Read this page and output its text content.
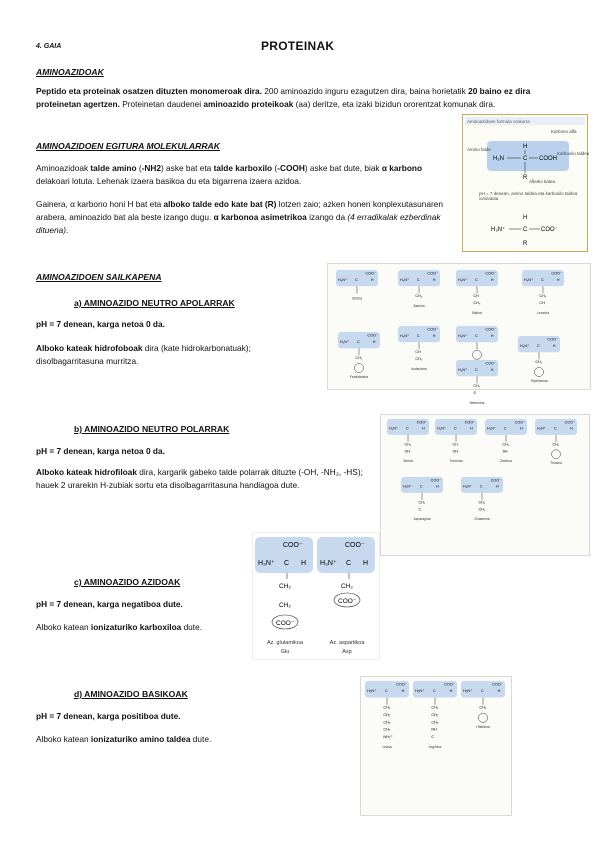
4. GAIA	PROTEINAK
AMINOAZIDOAK
Peptido eta proteinak osatzen dituzten monomeroak dira. 200 aminoazido inguru ezagutzen dira, baina horietatik 20 baino ez dira proteinetan agertzen. Proteinetan daudenei aminoazido proteikoak (aa) deritze, eta izaki bizidun ororentzat komunak dira.
AMINOAZIDOEN EGITURA MOLEKULARRAK
Aminoazidoak talde amino (-NH2) aske bat eta talde karboxilo (-COOH) aske bat dute, biak α karbono delakoari lotuta. Lehenak izaera basikoa du eta bigarrena izaera azidoa.
Gainera, α karbono honi H bat eta alboko talde edo kate bat (R) lotzen zaio; azken honen konplexutasunaren arabera, aminoazido bat ala beste izango dugu. α karbonoa asimetrikoa izango da (4 erradikalak ezberdinak dituena).
Aminoazidoen formula orokorra
Karbono alfa
Amino talde
Karboxilo taldea
H₂N	C COOH
H
R
Alboko katea
pH = 7 denean, amino taldea eta karboxilo taldea ionizatuta
H
H₃N⁺	C COO⁻
R
AMINOAZIDOEN SAILKAPENA
a) AMINOAZIDO NEUTRO APOLARRAK
pH = 7 denean, karga netoa 0 da.
Alboko kateak hidrofoboak dira (kate hidrokarbonatuak); disolbagarritasuna murritza.
COO⁻
H₃N⁺ C	H
Glizina
COO⁻
H₃N⁺ C	H
CH₃
Alanina
COO⁻
H₃N⁺ C	H
CH
CH₃
Balina
COO⁻
H₃N⁺ C	H
CH₂
CH
Leuzina
COO⁻
H₃N⁺ C	H
CH
CH₂
Isoleuzina
COO⁻
H₃N⁺ C	H
COO⁻
H₃N⁺ C	H
CH₂
Fenilalanina
COO⁻
H₃N⁺ C	H
CH₂
Triptofanoa
COO⁻
H₃N⁺ C	H
CH₂
S
Metionina
b) AMINOAZIDO NEUTRO POLARRAK
pH = 7 denean, karga netoa 0 da.
Alboko kateak hidrofiloak dira, kargarik gabeko talde polarrak dituzte (-OH, -NH₂, -HS); hauek 2 urarekin H-zubiak sortu eta disolbagarritasuna handiagoa dute.
COO⁻
H₃N⁺ C	H
CH₂
OH
Serina
COO⁻
H₃N⁺ C	H
CH
OH
Treonina
COO⁻
H₃N⁺ C	H
CH₂
SH
Zisteina
COO⁻
H₃N⁺ C	H
CH₂
Tirosina
COO⁻
H₃N⁺ C	H
CH₂
C
Asparagina
COO⁻
H₃N⁺ C	H
CH₂
CH₂
Glutamina
c) AMINOAZIDO AZIDOAK
pH = 7 denean, karga negatiboa dute.
Alboko katean ionizaturiko karboxiloa dute.
COO⁻
H₃N⁺ C H
CH₂
CH₂
COO⁻
Az. glutamikoa
Glu
COO⁻
H₃N⁺ C H
CH₂
COO⁻
Az. aspartikoa
Asp
d) AMINOAZIDO BASIKOAK
pH = 7 denean, karga positiboa dute.
Alboko katean ionizaturiko amino taldea dute.
COO⁻
H₃N⁺ C	H
CH₂
CH₂
CH₂
CH₂
NH₃⁺
Lisina
COO⁻
H₃N⁺ C	H
CH₂
CH₂
CH₂
NH
C
Arginina
COO⁻
H₃N⁺ C	H
CH₂
Histidina
